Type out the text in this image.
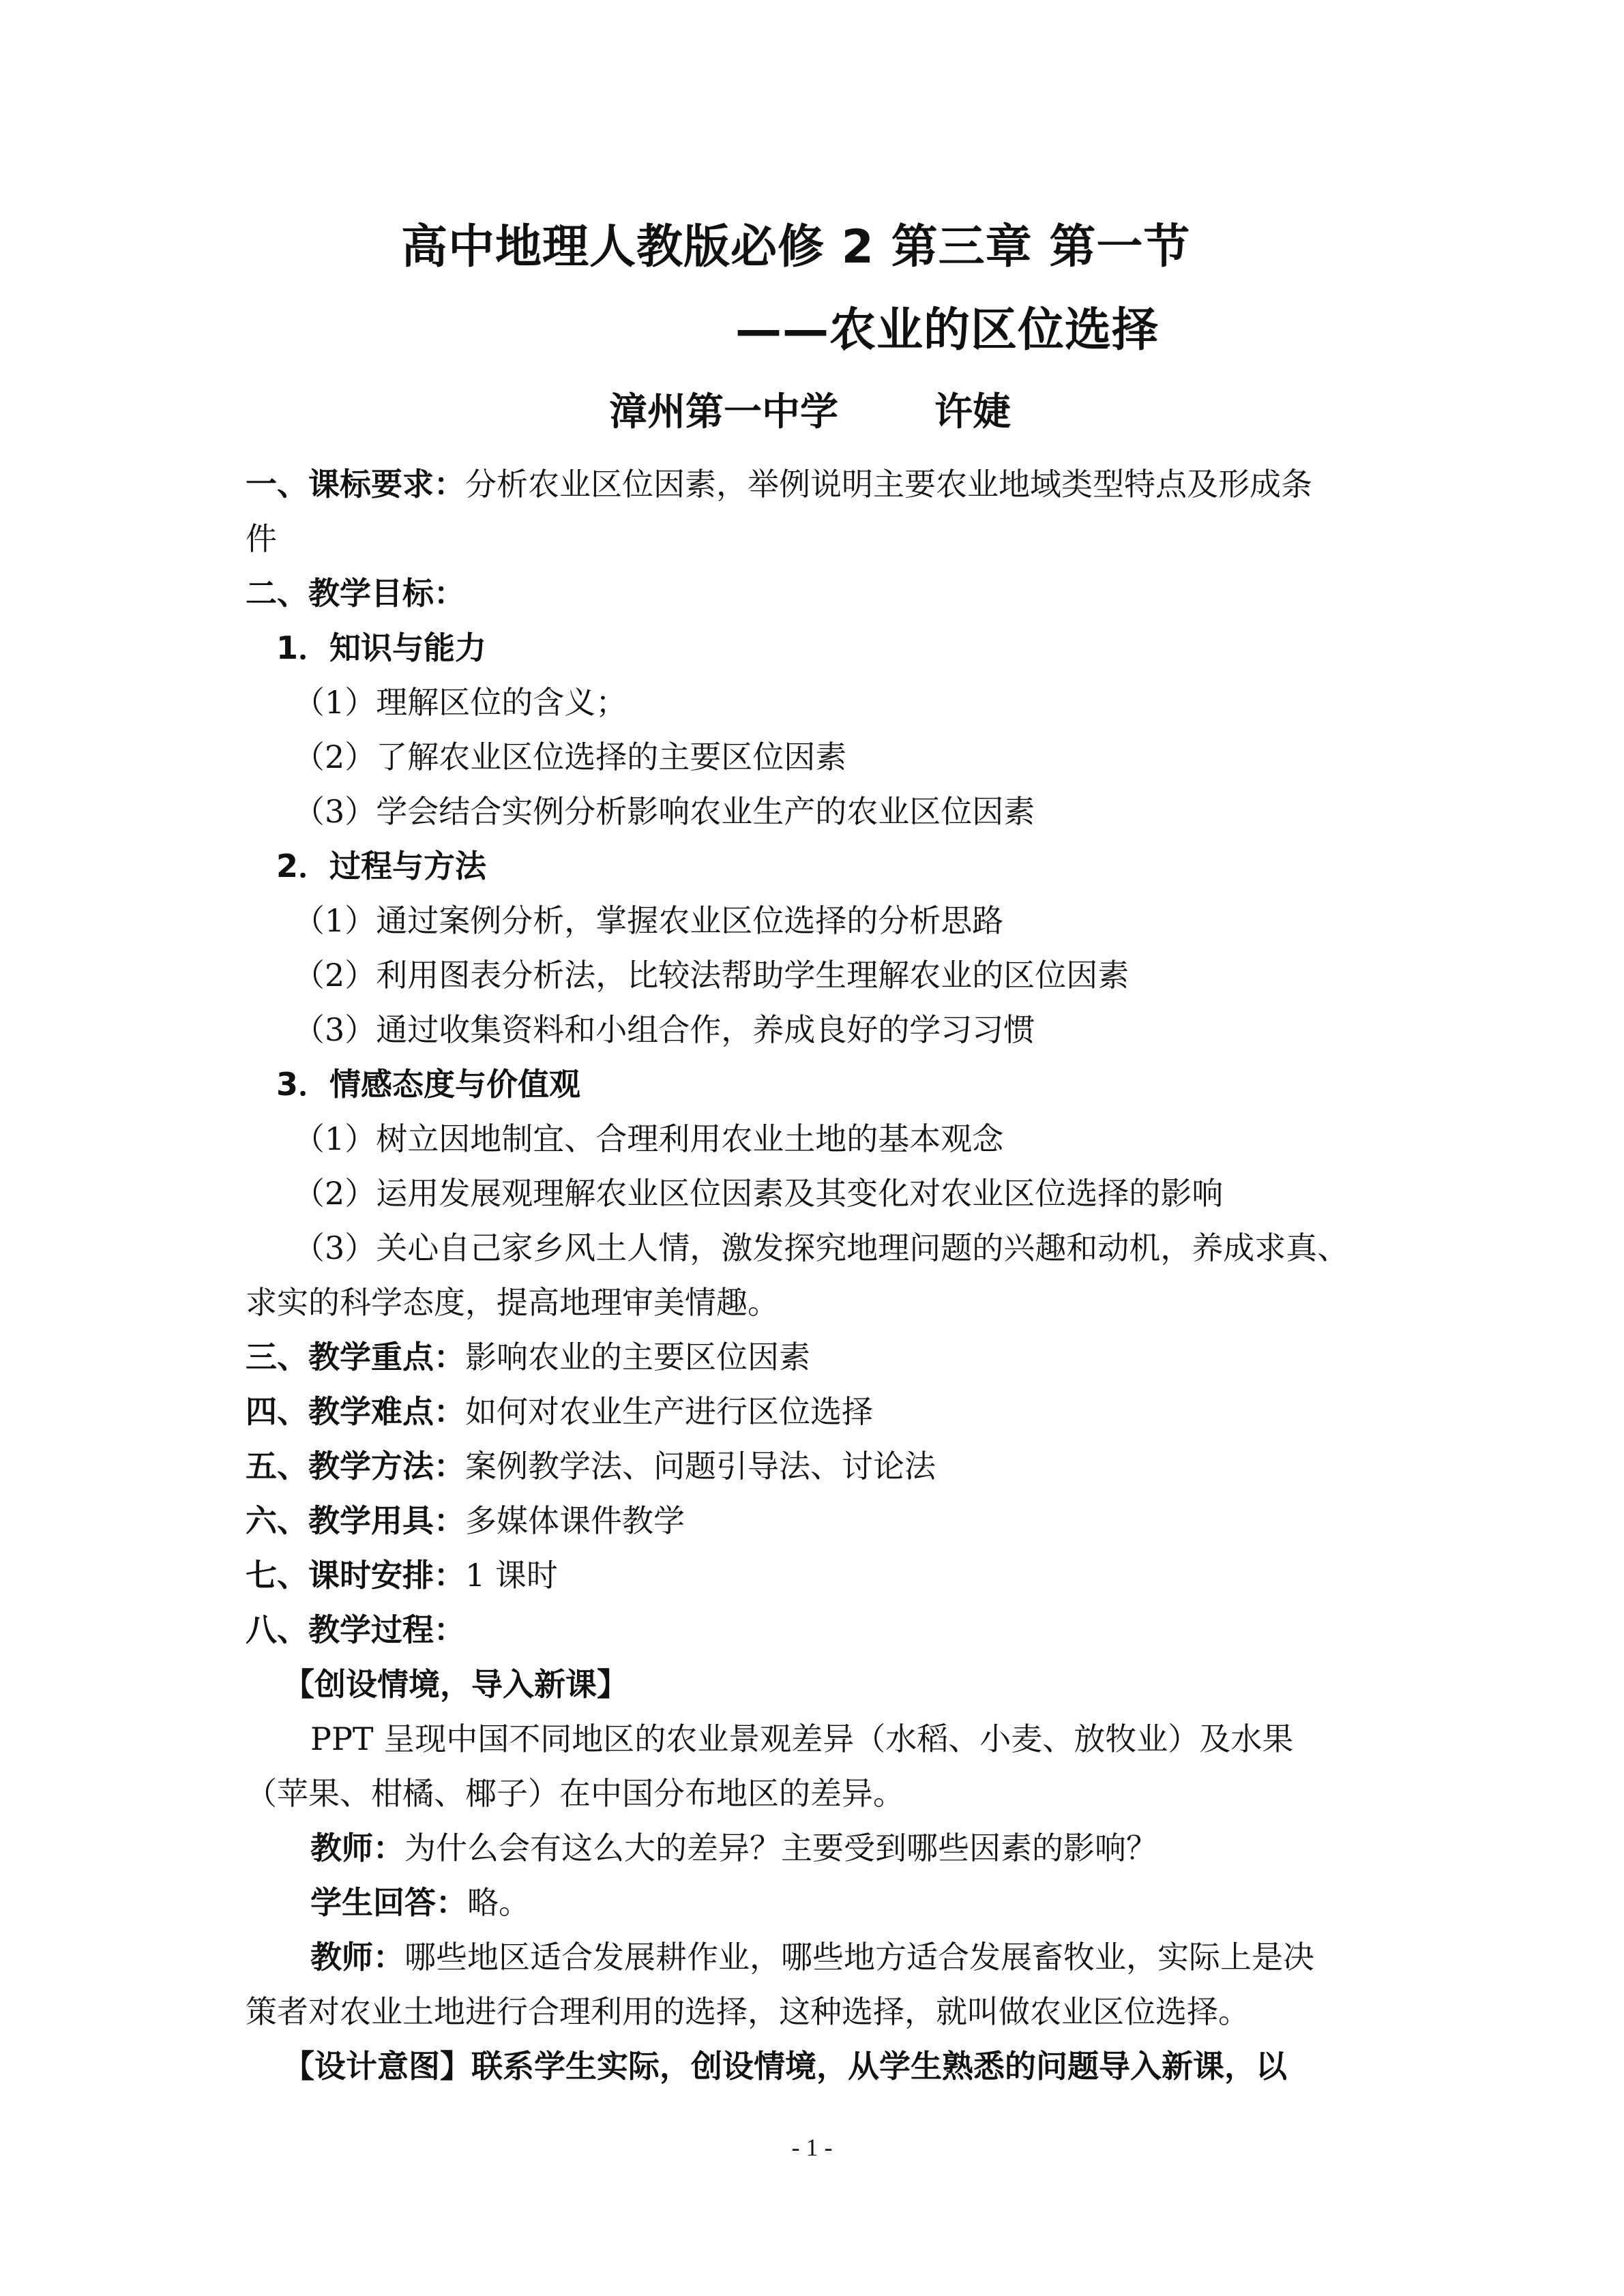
高中地理人教版必修 2 第三章 第一节
——农业的区位选择
漳州第一中学	许婕
一、课标要求：分析农业区位因素，举例说明主要农业地域类型特点及形成条
件
二、教学目标：
1．知识与能力
（1）理解区位的含义；
（2）了解农业区位选择的主要区位因素
（3）学会结合实例分析影响农业生产的农业区位因素
2．过程与方法
（1）通过案例分析，掌握农业区位选择的分析思路
（2）利用图表分析法，比较法帮助学生理解农业的区位因素
（3）通过收集资料和小组合作，养成良好的学习习惯
3．情感态度与价值观
（1）树立因地制宜、合理利用农业土地的基本观念
（2）运用发展观理解农业区位因素及其变化对农业区位选择的影响
（3）关心自己家乡风土人情，激发探究地理问题的兴趣和动机，养成求真、
求实的科学态度，提高地理审美情趣。
三、教学重点：影响农业的主要区位因素
四、教学难点：如何对农业生产进行区位选择
五、教学方法：案例教学法、问题引导法、讨论法
六、教学用具：多媒体课件教学
七、课时安排：1 课时
八、教学过程：
【创设情境，导入新课】
PPT 呈现中国不同地区的农业景观差异（水稻、小麦、放牧业）及水果
（苹果、柑橘、椰子）在中国分布地区的差异。
教师：为什么会有这么大的差异？主要受到哪些因素的影响？
学生回答：略。
教师：哪些地区适合发展耕作业，哪些地方适合发展畜牧业，实际上是决
策者对农业土地进行合理利用的选择，这种选择，就叫做农业区位选择。
【设计意图】联系学生实际，创设情境，从学生熟悉的问题导入新课，以
- 1 -
